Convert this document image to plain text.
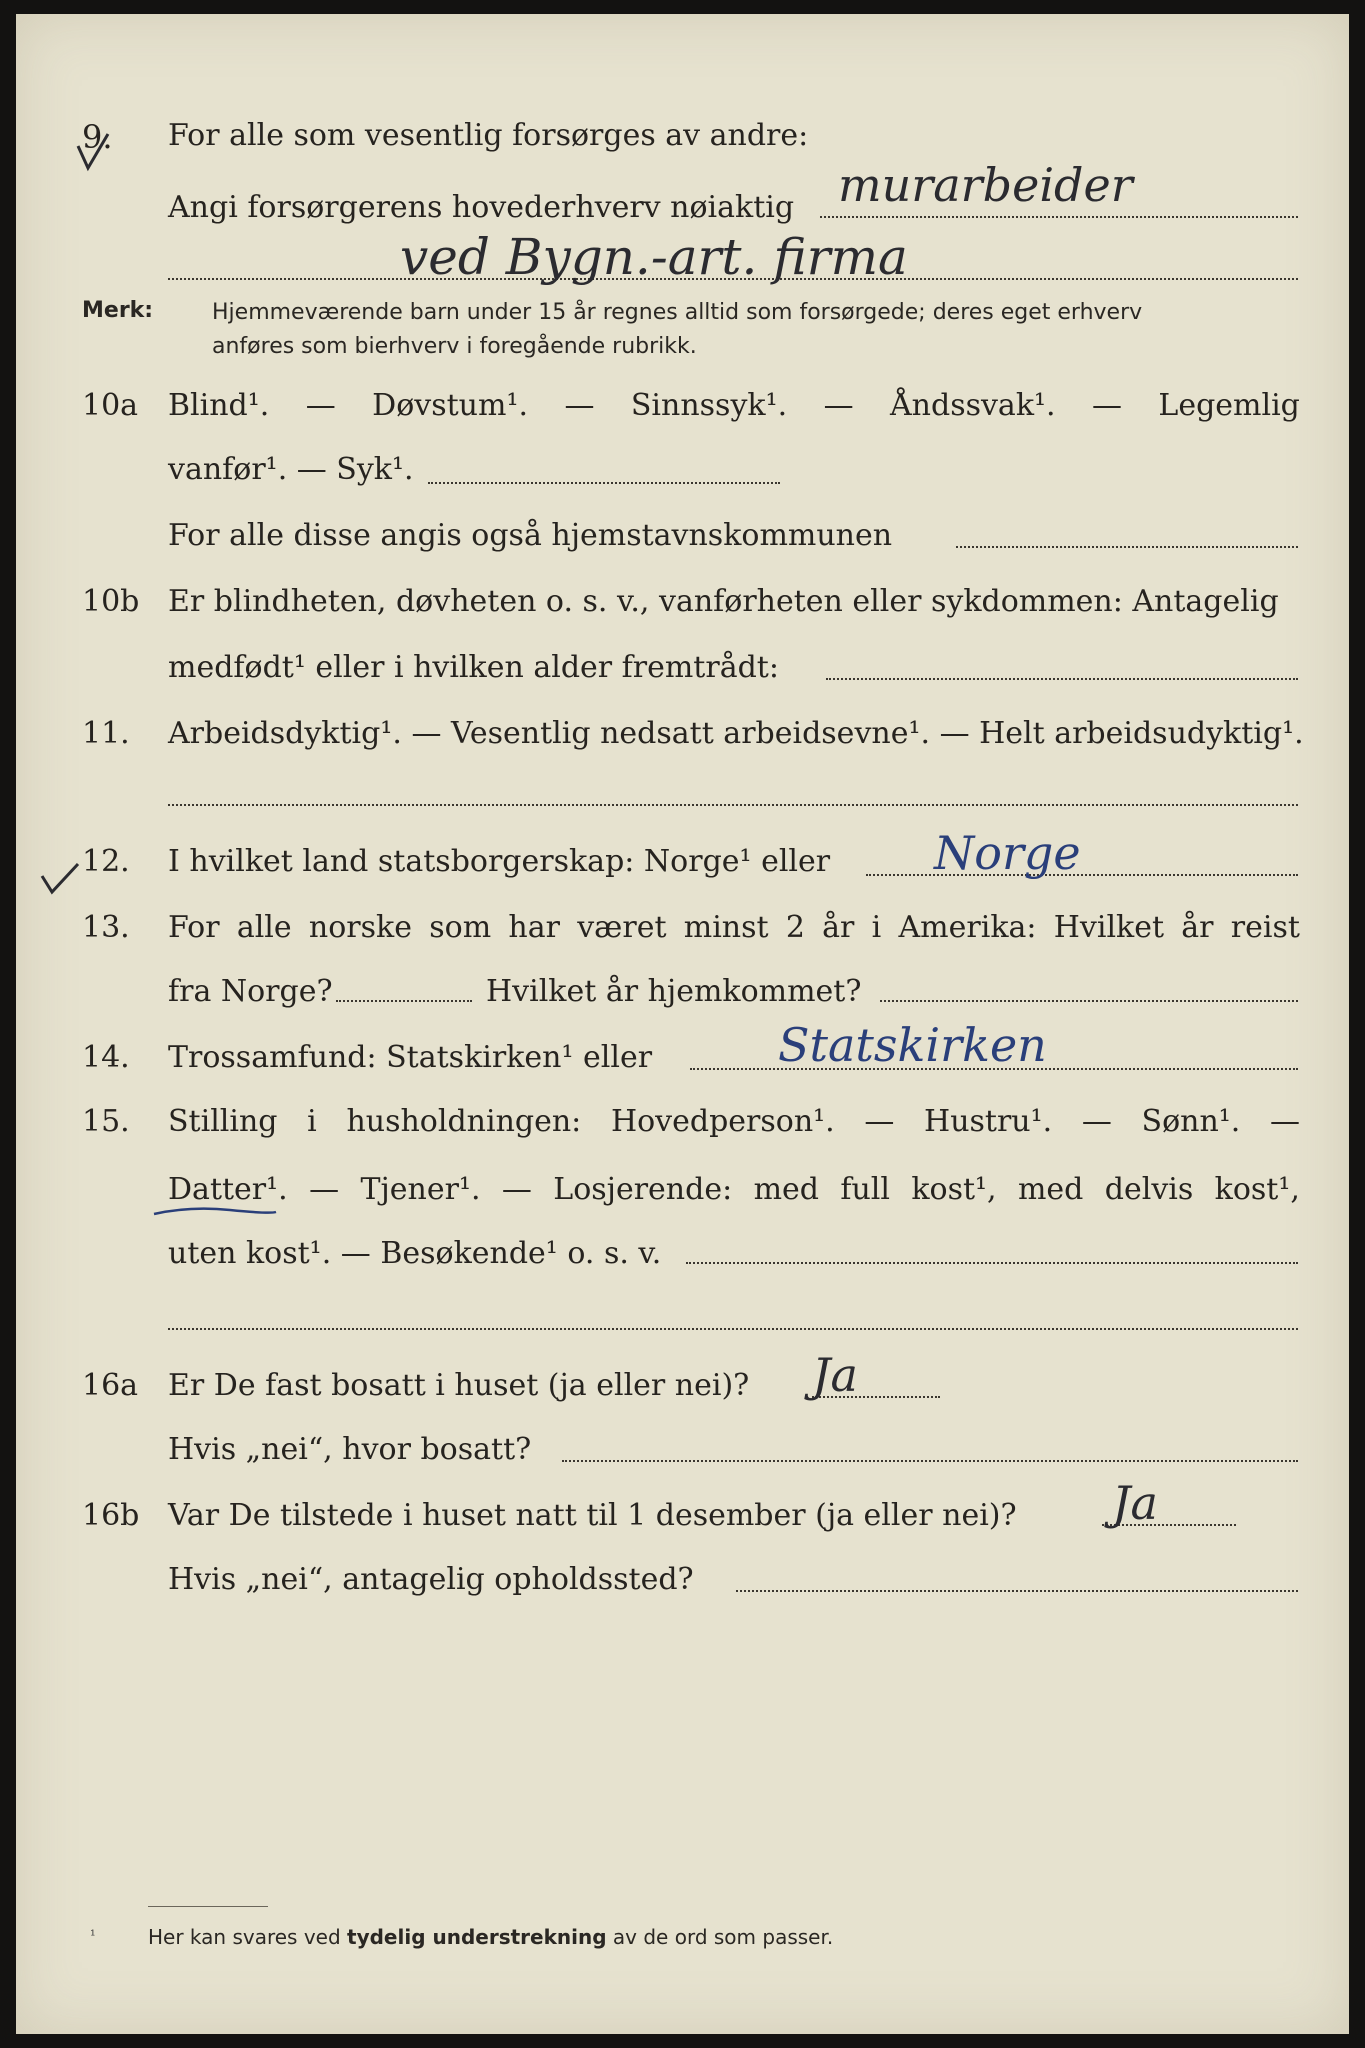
9. For alle som vesentlig forsørges av andre:
Angi forsørgerens hovederhverv nøiaktig murarbeider
ved Bygn.-art. firma
Merk:	Hjemmeværende barn under 15 år regnes alltid som forsørgede; deres eget erhverv
anføres som bierhverv i foregående rubrikk.
10a Blind¹. — Døvstum¹. — Sinnssyk¹. — Åndssvak¹. — Legemlig
vanfør¹. — Syk¹.
For alle disse angis også hjemstavnskommunen
10b Er blindheten, døvheten o. s. v., vanførheten eller sykdommen: Antagelig
medfødt¹ eller i hvilken alder fremtrådt:
11. Arbeidsdyktig¹. — Vesentlig nedsatt arbeidsevne¹. — Helt arbeidsudyktig¹.
12. I hvilket land statsborgerskap: Norge¹ eller Norge
13. For alle norske som har været minst 2 år i Amerika: Hvilket år reist
fra Norge?	Hvilket år hjemkommet?
14. Trossamfund: Statskirken¹ eller	Statskirken
15. Stilling i husholdningen: Hovedperson¹. — Hustru¹. — Sønn¹. —
Datter¹. — Tjener¹. — Losjerende: med full kost¹, med delvis kost¹,
uten kost¹. — Besøkende¹ o. s. v.
16a Er De fast bosatt i huset (ja eller nei)? Ja
Hvis „nei“, hvor bosatt?
16b Var De tilstede i huset natt til 1 desember (ja eller nei)? Ja
Hvis „nei“, antagelig opholdssted?
¹	Her kan svares ved tydelig understrekning av de ord som passer.
